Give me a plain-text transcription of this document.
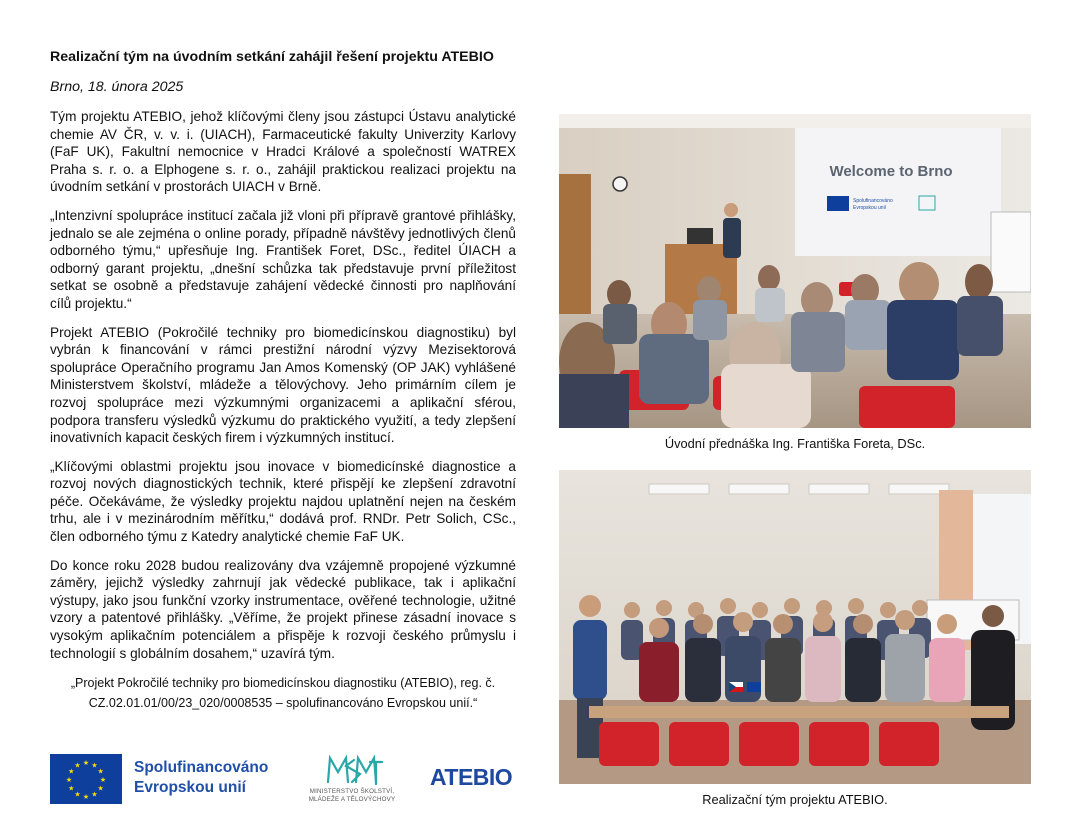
Realizační tým na úvodním setkání zahájil řešení projektu ATEBIO
Brno, 18. února 2025

Tým projektu ATEBIO, jehož klíčovými členy jsou zástupci Ústavu analytické chemie AV ČR, v. v. i. (UIACH), Farmaceutické fakulty Univerzity Karlovy (FaF UK), Fakultní nemocnice v Hradci Králové a společností WATREX Praha s. r. o. a Elphogene s. r. o., zahájil praktickou realizaci projektu na úvodním setkání v prostorách UIACH v Brně.

„Intenzivní spolupráce institucí začala již vloni při přípravě grantové přihlášky, jednalo se ale zejména o online porady, případně návštěvy jednotlivých členů odborného týmu,“ upřesňuje Ing. František Foret, DSc., ředitel ÚIACH a odborný garant projektu, „dnešní schůzka tak představuje první příležitost setkat se osobně a představuje zahájení vědecké činnosti pro naplňování cílů projektu.“

Projekt ATEBIO (Pokročilé techniky pro biomedicínskou diagnostiku) byl vybrán k financování v rámci prestižní národní výzvy Mezisektorová spolupráce Operačního programu Jan Amos Komenský (OP JAK) vyhlášené Ministerstvem školství, mládeže a tělovýchovy. Jeho primárním cílem je rozvoj spolupráce mezi výzkumnými organizacemi a aplikační sférou, podpora transferu výsledků výzkumu do praktického využití, a tedy zlepšení inovativních kapacit českých firem i výzkumných institucí.

„Klíčovými oblastmi projektu jsou inovace v biomedicínské diagnostice a rozvoj nových diagnostických technik, které přispějí ke zlepšení zdravotní péče. Očekáváme, že výsledky projektu najdou uplatnění nejen na českém trhu, ale i v mezinárodním měřítku,“ dodává prof. RNDr. Petr Solich, CSc., člen odborného týmu z Katedry analytické chemie FaF UK.

Do konce roku 2028 budou realizovány dva vzájemně propojené výzkumné záměry, jejichž výsledky zahrnují jak vědecké publikace, tak i aplikační výstupy, jako jsou funkční vzorky instrumentace, ověřené technologie, užitné vzory a patentové přihlášky. „Věříme, že projekt přinese zásadní inovace s vysokým aplikačním potenciálem a přispěje k rozvoji českého průmyslu i technologií s globálním dosahem,“ uzavírá tým.

„Projekt Pokročilé techniky pro biomedicínskou diagnostiku (ATEBIO), reg. č.
CZ.02.01.01/00/23_020/0008535 – spolufinancováno Evropskou unií.“
★ ★
★
★
★
★
★
★
★
★
★
★	Spolufinancováno
Evropskou unií	MINISTERSTVO ŠKOLSTVÍ,
MLÁDEŽE A TĚLOVÝCHOVY
ATEBIO
Welcome to Brno
Spolufinancováno
Evropskou unií
Úvodní přednáška Ing. Františka Foreta, DSc.
Realizační tým projektu ATEBIO.
